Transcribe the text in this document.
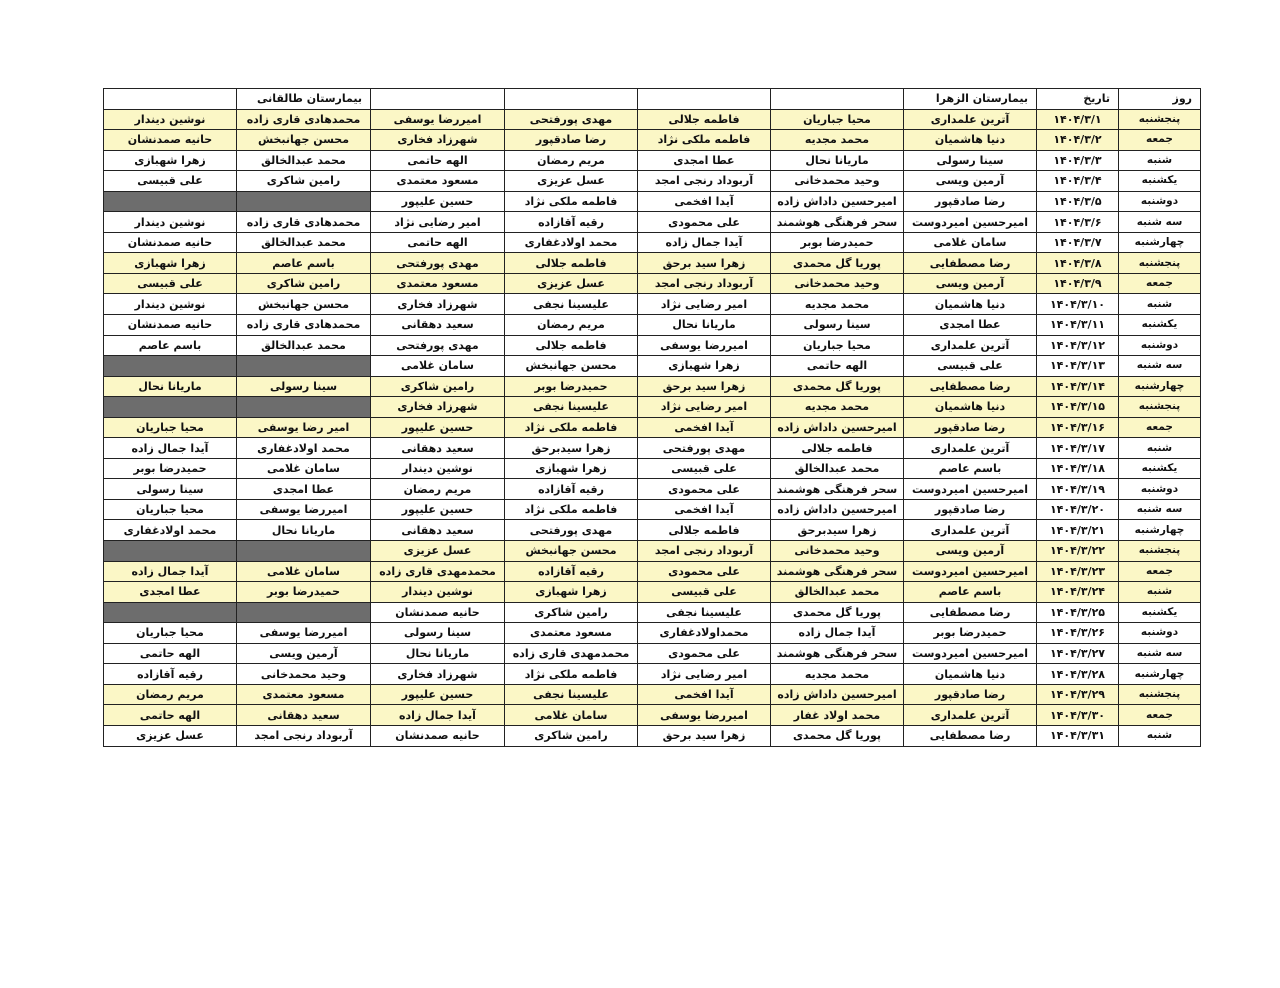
روز	تاریخ	بیمارستان الزهرا					بیمارستان طالقانی	
پنجشنبه	۱۴۰۴/۳/۱	آترین علمداری	محیا جباریان	فاطمه جلالی	مهدی پورفتحی	امیررضا یوسفی	محمدهادی قاری زاده	نوشین دیندار
جمعه	۱۴۰۴/۳/۲	دنیا هاشمیان	محمد مجدیه	فاطمه ملکی نژاد	رضا صادقپور	شهرزاد فخاری	محسن جهانبخش	حانیه صمدنشان
شنبه	۱۴۰۴/۳/۳	سینا رسولی	ماریانا نحال	عطا امجدی	مریم رمضان	الهه حاتمی	محمد عبدالخالق	زهرا شهبازی
یکشنبه	۱۴۰۴/۳/۴	آرمین ویسی	وحید محمدخانی	آربوداد رنجی امجد	عسل عزیزی	مسعود معتمدی	رامین شاکری	علی قبیسی
دوشنبه	۱۴۰۴/۳/۵	رضا صادقپور	امیرحسین داداش زاده	آیدا افخمی	فاطمه ملکی نژاد	حسین علیپور		
سه شنبه	۱۴۰۴/۳/۶	امیرحسین امیردوست	سحر فرهنگی هوشمند	علی محمودی	رقیه آقازاده	امیر رضایی نژاد	محمدهادی قاری زاده	نوشین دیندار
چهارشنبه	۱۴۰۴/۳/۷	سامان غلامی	حمیدرضا بوبر	آیدا جمال زاده	محمد اولادغفاری	الهه حاتمی	محمد عبدالخالق	حانیه صمدنشان
پنجشنبه	۱۴۰۴/۳/۸	رضا مصطفایی	پوریا گل محمدی	زهرا سید برحق	فاطمه جلالی	مهدی پورفتحی	باسم عاصم	زهرا شهبازی
جمعه	۱۴۰۴/۳/۹	آرمین ویسی	وحید محمدخانی	آربوداد رنجی امجد	عسل عزیزی	مسعود معتمدی	رامین شاکری	علی قبیسی
شنبه	۱۴۰۴/۳/۱۰	دنیا هاشمیان	محمد مجدیه	امیر رضایی نژاد	علیسینا نجفی	شهرزاد فخاری	محسن جهانبخش	نوشین دیندار
یکشنبه	۱۴۰۴/۳/۱۱	عطا امجدی	سینا رسولی	ماریانا نحال	مریم رمضان	سعید دهقانی	محمدهادی قاری زاده	حانیه صمدنشان
دوشنبه	۱۴۰۴/۳/۱۲	آترین علمداری	محیا جباریان	امیررضا یوسفی	فاطمه جلالی	مهدی پورفتحی	محمد عبدالخالق	باسم عاصم
سه شنبه	۱۴۰۴/۳/۱۳	علی قبیسی	الهه حاتمی	زهرا شهبازی	محسن جهانبخش	سامان غلامی		
چهارشنبه	۱۴۰۴/۳/۱۴	رضا مصطفایی	پوریا گل محمدی	زهرا سید برحق	حمیدرضا بوبر	رامین شاکری	سینا رسولی	ماریانا نحال
پنجشنبه	۱۴۰۴/۳/۱۵	دنیا هاشمیان	محمد مجدیه	امیر رضایی نژاد	علیسینا نجفی	شهرزاد فخاری		
جمعه	۱۴۰۴/۳/۱۶	رضا صادقپور	امیرحسین داداش زاده	آیدا افخمی	فاطمه ملکی نژاد	حسین علیپور	امیر رضا یوسفی	محیا جباریان
شنبه	۱۴۰۴/۳/۱۷	آترین علمداری	فاطمه جلالی	مهدی پورفتحی	زهرا سیدبرحق	سعید دهقانی	محمد اولادغفاری	آیدا جمال زاده
یکشنبه	۱۴۰۴/۳/۱۸	باسم عاصم	محمد عبدالخالق	علی قبیسی	زهرا شهبازی	نوشین دیندار	سامان غلامی	حمیدرضا بوبر
دوشنبه	۱۴۰۴/۳/۱۹	امیرحسین امیردوست	سحر فرهنگی هوشمند	علی محمودی	رقیه آقازاده	مریم رمضان	عطا امجدی	سینا رسولی
سه شنبه	۱۴۰۴/۳/۲۰	رضا صادقپور	امیرحسین داداش زاده	آیدا افخمی	فاطمه ملکی نژاد	حسین علیپور	امیررضا یوسفی	محیا جباریان
چهارشنبه	۱۴۰۴/۳/۲۱	آترین علمداری	زهرا سیدبرحق	فاطمه جلالی	مهدی پورفتحی	سعید دهقانی	ماریانا نحال	محمد اولادغفاری
پنجشنبه	۱۴۰۴/۳/۲۲	آرمین ویسی	وحید محمدخانی	آربوداد رنجی امجد	محسن جهانبخش	عسل عزیزی		
جمعه	۱۴۰۴/۳/۲۳	امیرحسین امیردوست	سحر فرهنگی هوشمند	علی محمودی	رقیه آقازاده	محمدمهدی قاری زاده	سامان غلامی	آیدا جمال زاده
شنبه	۱۴۰۴/۳/۲۴	باسم عاصم	محمد عبدالخالق	علی قبیسی	زهرا شهبازی	نوشین دیندار	حمیدرضا بوبر	عطا امجدی
یکشنبه	۱۴۰۴/۳/۲۵	رضا مصطفایی	پوریا گل محمدی	علیسینا نجفی	رامین شاکری	حانیه صمدنشان		
دوشنبه	۱۴۰۴/۳/۲۶	حمیدرضا بوبر	آیدا جمال زاده	محمداولادغفاری	مسعود معتمدی	سینا رسولی	امیررضا یوسفی	محیا جباریان
سه شنبه	۱۴۰۴/۳/۲۷	امیرحسین امیردوست	سحر فرهنگی هوشمند	علی محمودی	محمدمهدی قاری زاده	ماریانا نحال	آرمین ویسی	الهه حاتمی
چهارشنبه	۱۴۰۴/۳/۲۸	دنیا هاشمیان	محمد مجدیه	امیر رضایی نژاد	فاطمه ملکی نژاد	شهرزاد فخاری	وحید محمدخانی	رقیه آقازاده
پنجشنبه	۱۴۰۴/۳/۲۹	رضا صادقپور	امیرحسین داداش زاده	آیدا افخمی	علیسینا نجفی	حسین علیپور	مسعود معتمدی	مریم رمضان
جمعه	۱۴۰۴/۳/۳۰	آترین علمداری	محمد اولاد غفار	امیررضا یوسفی	سامان غلامی	آیدا جمال زاده	سعید دهقانی	الهه حاتمی
شنبه	۱۴۰۴/۳/۳۱	رضا مصطفایی	پوریا گل محمدی	زهرا سید برحق	رامین شاکری	حانیه صمدنشان	آربوداد رنجی امجد	عسل عزیزی
